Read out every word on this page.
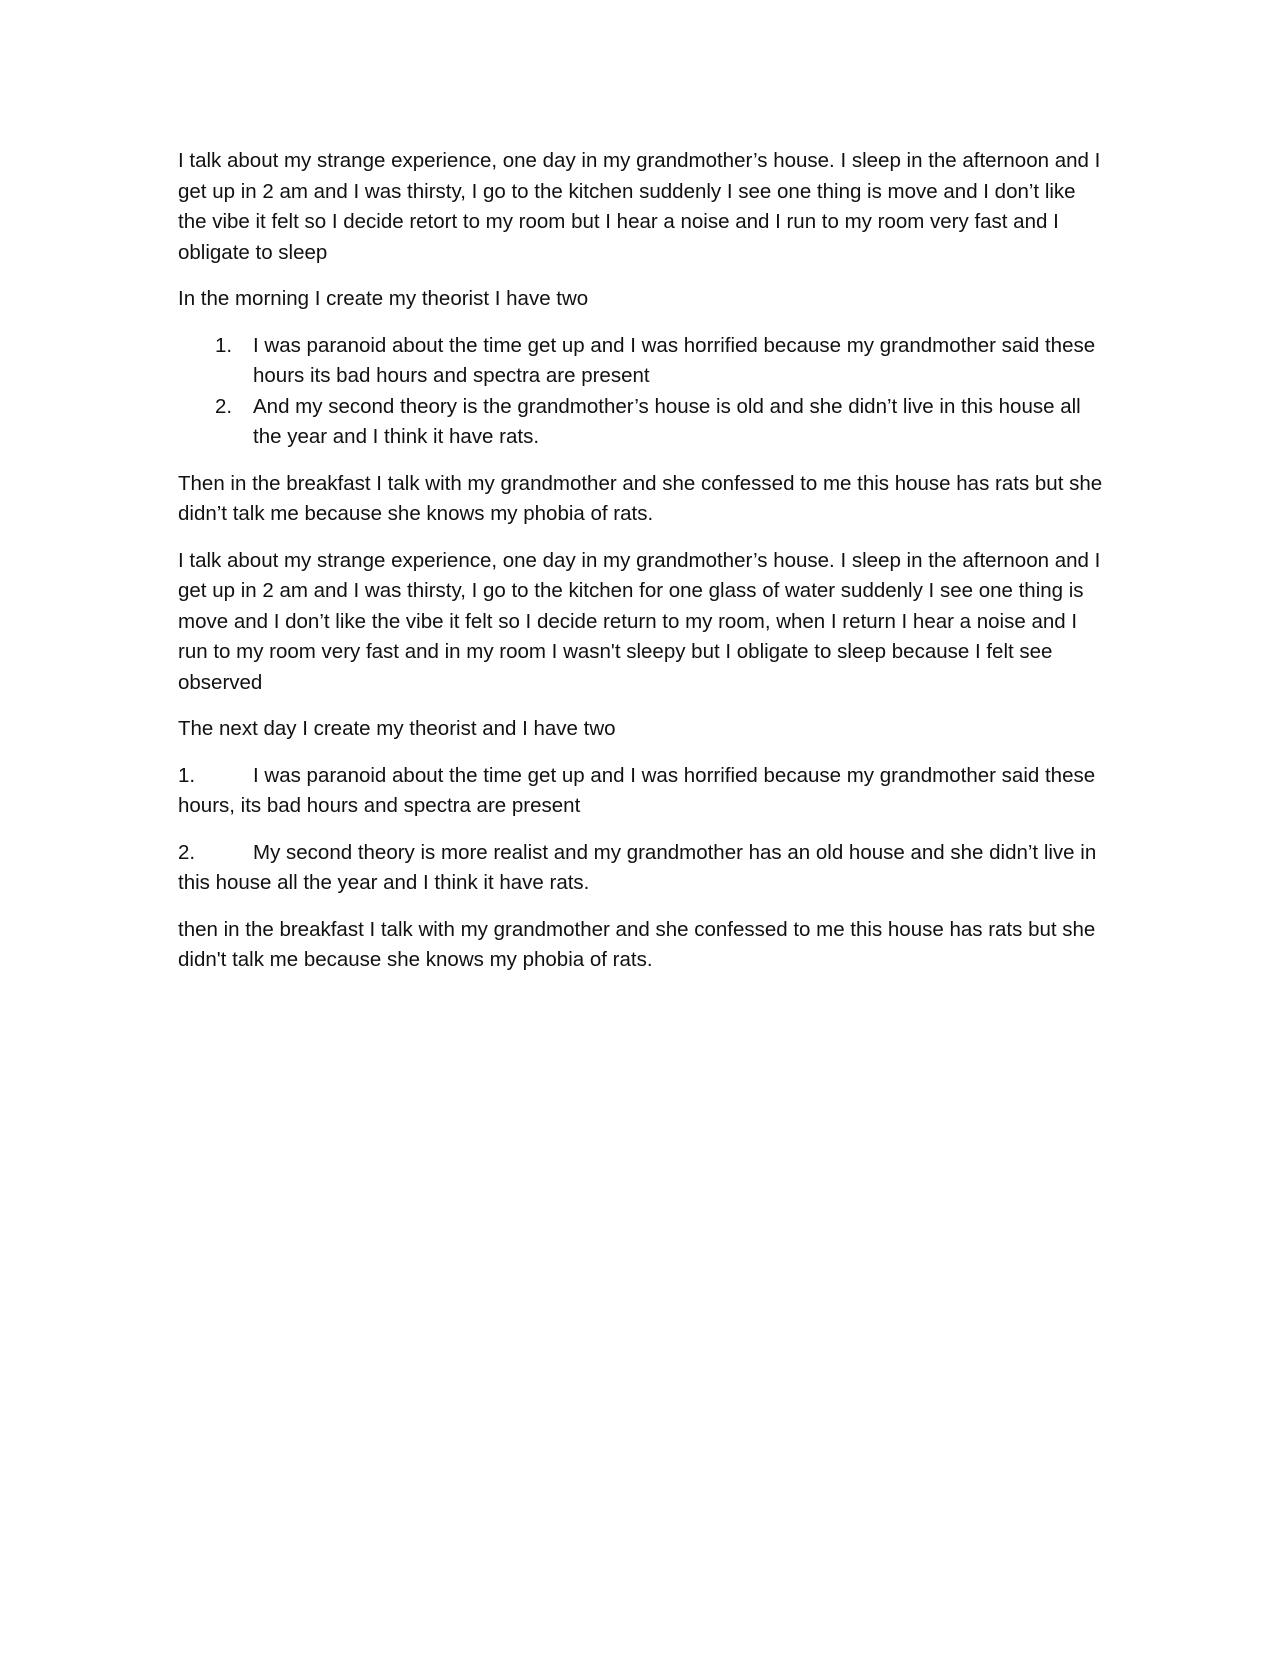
I talk about my strange experience, one day in my grandmother’s house. I sleep in the afternoon and I get up in 2 am and I was thirsty, I go to the kitchen suddenly I see one thing is move and I don’t like the vibe it felt so I decide retort to my room but I hear a noise and I run to my room very fast and I obligate to sleep

In the morning I create my theorist I have two

1. I was paranoid about the time get up and I was horrified because my grandmother said these hours its bad hours and spectra are present
2. And my second theory is the grandmother’s house is old and she didn’t live in this house all the year and I think it have rats.

Then in the breakfast I talk with my grandmother and she confessed to me this house has rats but she didn’t talk me because she knows my phobia of rats.

I talk about my strange experience, one day in my grandmother’s house. I sleep in the afternoon and I get up in 2 am and I was thirsty, I go to the kitchen for one glass of water suddenly I see one thing is move and I don’t like the vibe it felt so I decide return to my room, when I return I hear a noise and I run to my room very fast and in my room I wasn't sleepy but I obligate to sleep because I felt see observed

The next day I create my theorist and I have two

1.	I was paranoid about the time get up and I was horrified because my grandmother said these hours, its bad hours and spectra are present

2.	My second theory is more realist and my grandmother has an old house and she didn’t live in this house all the year and I think it have rats.

then in the breakfast I talk with my grandmother and she confessed to me this house has rats but she didn't talk me because she knows my phobia of rats.
